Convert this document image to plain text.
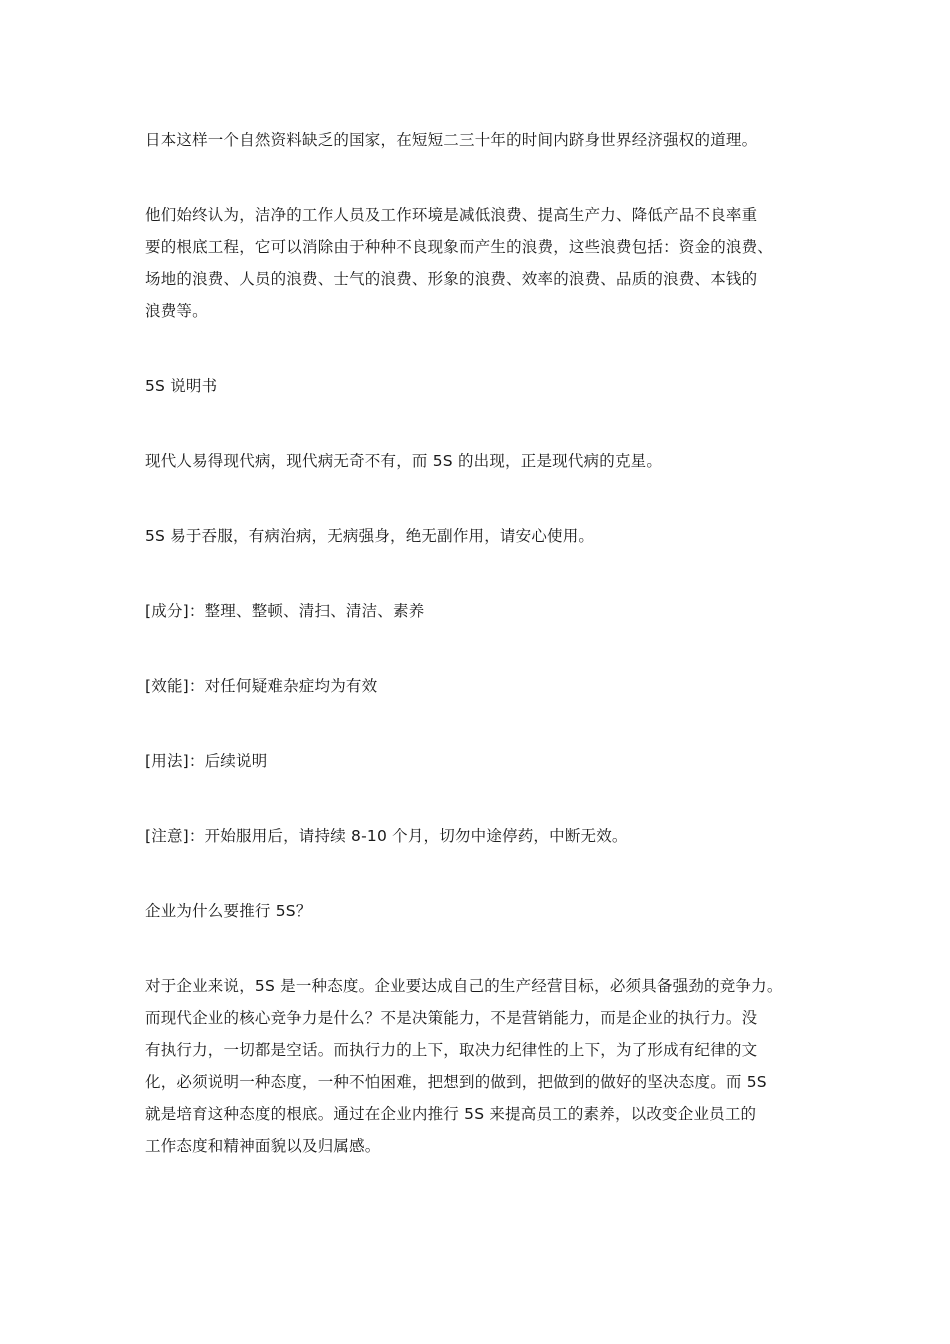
日本这样一个自然资料缺乏的国家，在短短二三十年的时间内跻身世界经济强权的道理。

他们始终认为，洁净的工作人员及工作环境是减低浪费、提高生产力、降低产品不良率重
要的根底工程，它可以消除由于种种不良现象而产生的浪费，这些浪费包括：资金的浪费、
场地的浪费、人员的浪费、士气的浪费、形象的浪费、效率的浪费、品质的浪费、本钱的
浪费等。

5S 说明书

现代人易得现代病，现代病无奇不有，而 5S 的出现，正是现代病的克星。

5S 易于吞服，有病治病，无病强身，绝无副作用，请安心使用。

[成分]：整理、整顿、清扫、清洁、素养

[效能]：对任何疑难杂症均为有效

[用法]：后续说明

[注意]：开始服用后，请持续 8-10 个月，切勿中途停药，中断无效。

企业为什么要推行 5S？

对于企业来说，5S 是一种态度。企业要达成自己的生产经营目标，必须具备强劲的竞争力。
而现代企业的核心竞争力是什么？不是决策能力，不是营销能力，而是企业的执行力。没
有执行力，一切都是空话。而执行力的上下，取决力纪律性的上下，为了形成有纪律的文
化，必须说明一种态度，一种不怕困难，把想到的做到，把做到的做好的坚决态度。而 5S
就是培育这种态度的根底。通过在企业内推行 5S 来提高员工的素养，以改变企业员工的
工作态度和精神面貌以及归属感。
